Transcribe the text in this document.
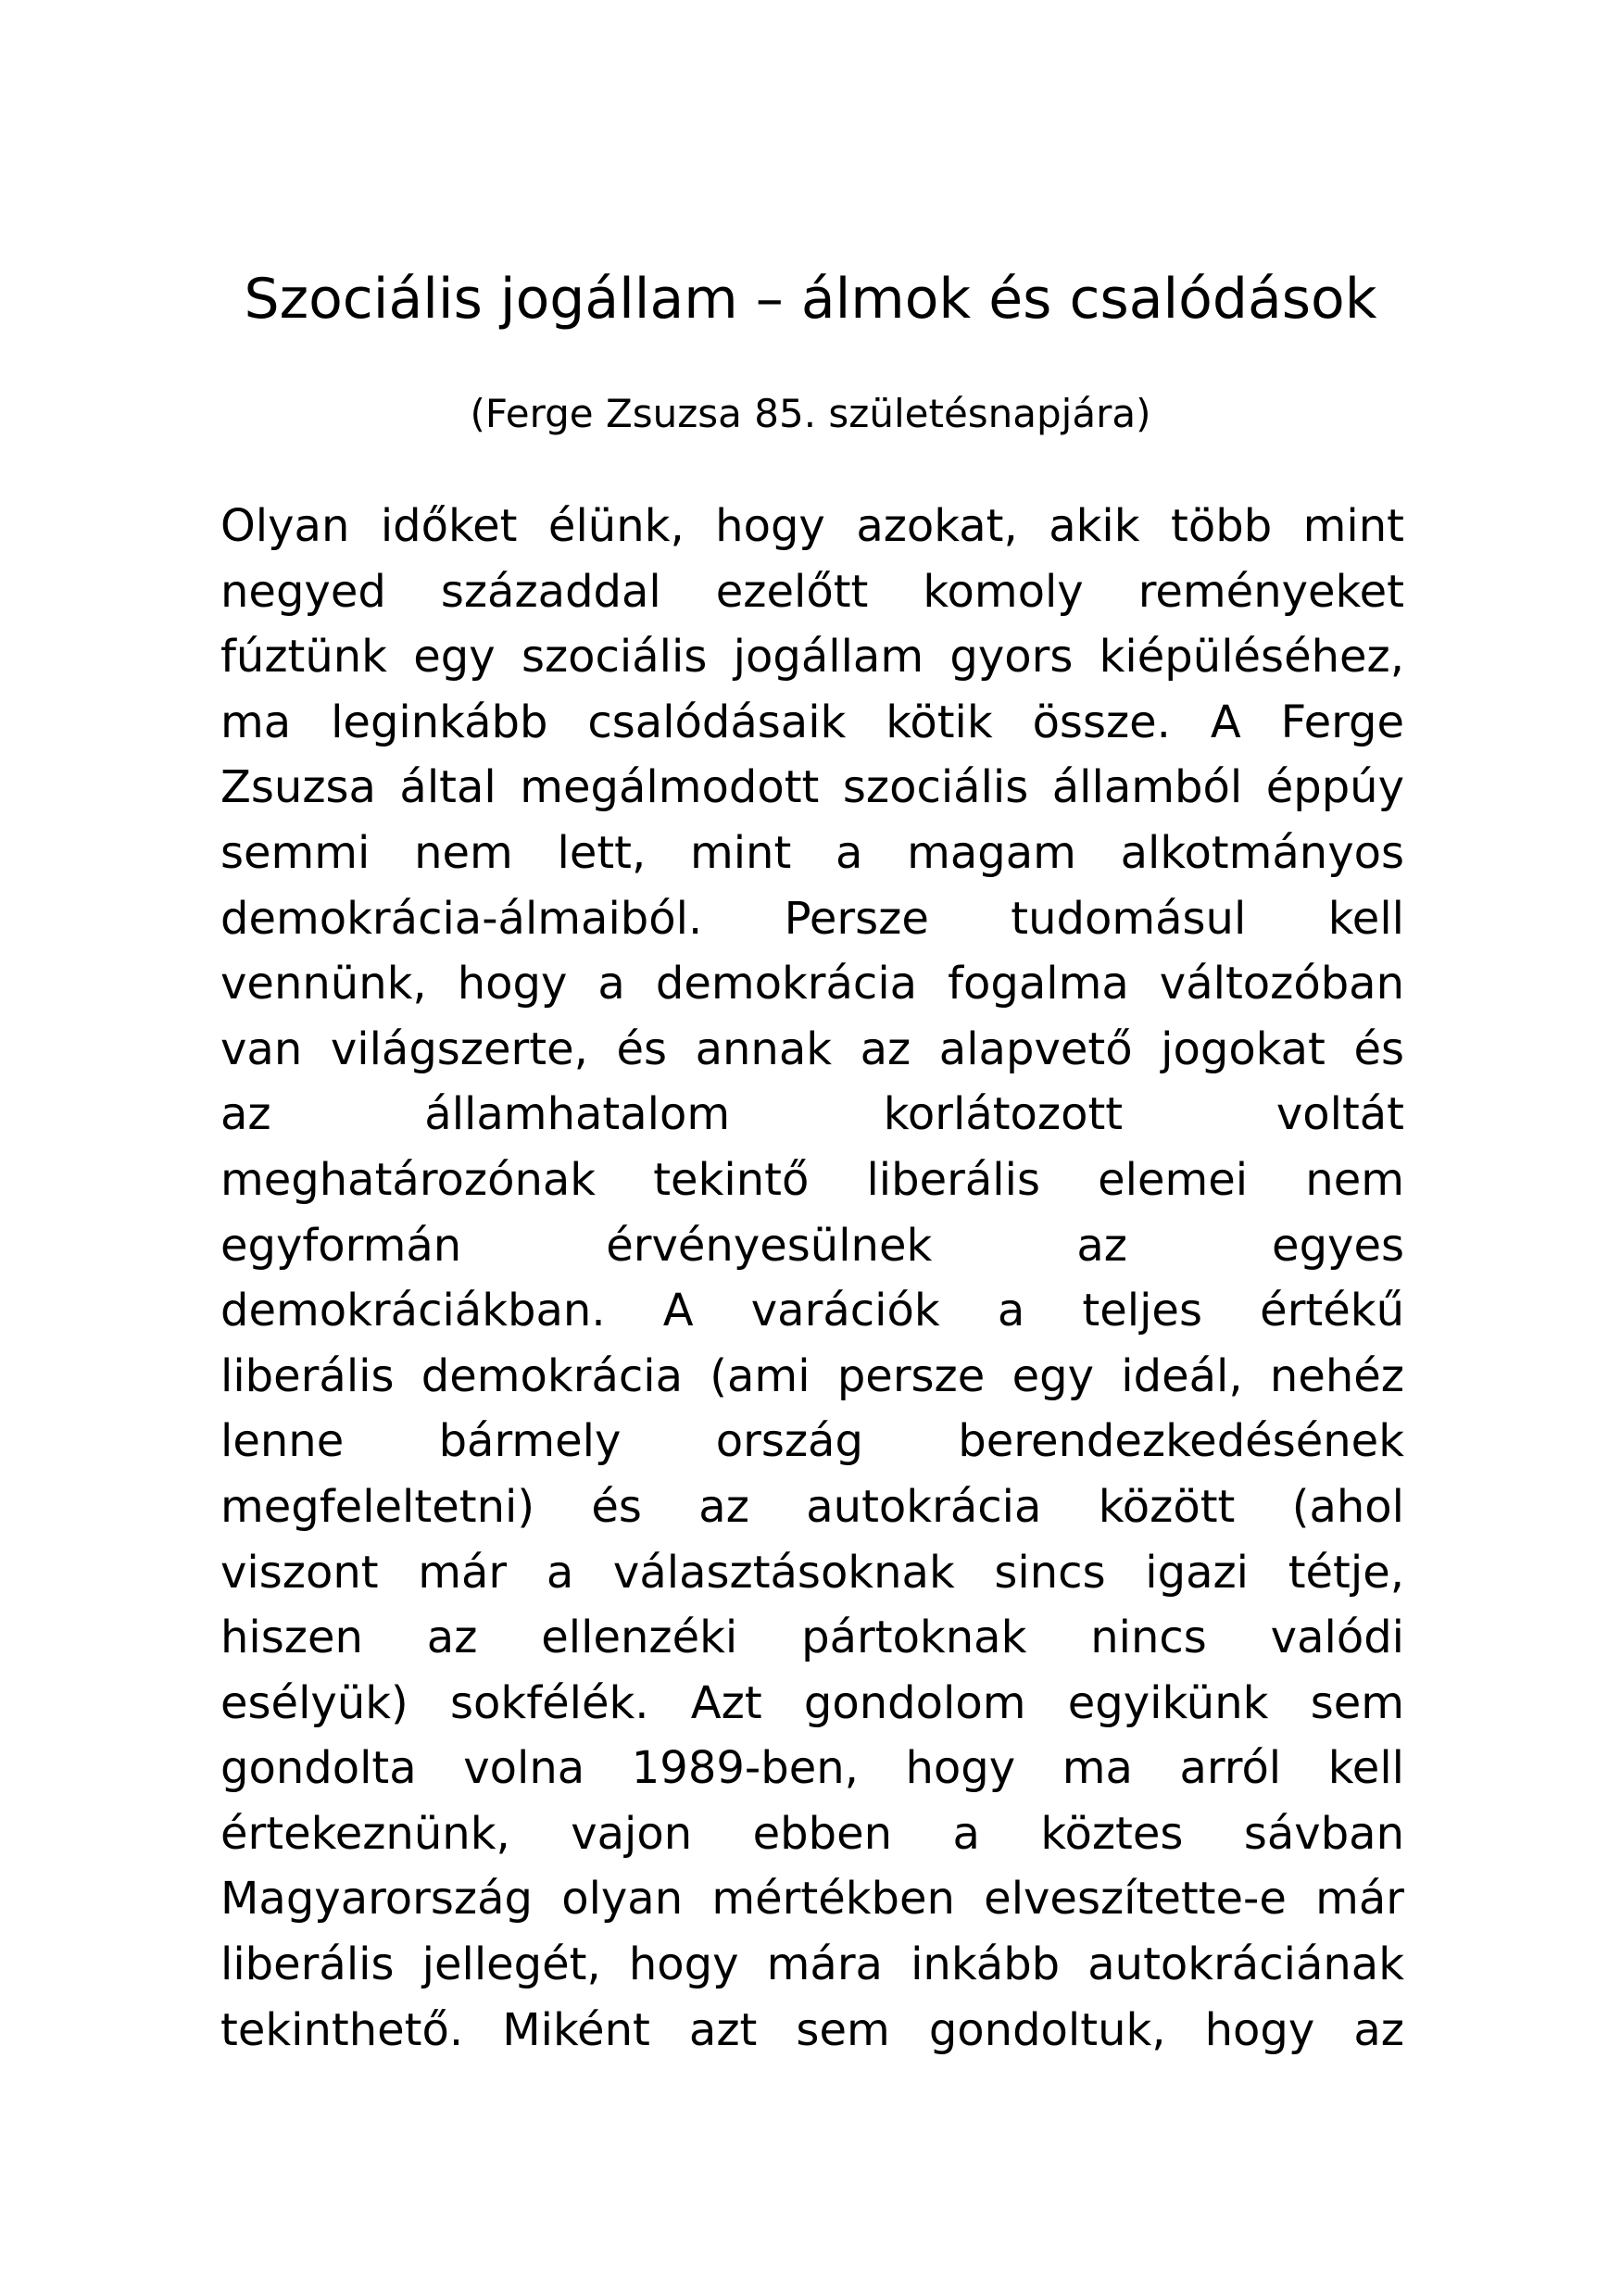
Szociális jogállam – álmok és csalódások

(Ferge Zsuzsa 85. születésnapjára)

Olyan időket élünk, hogy azokat, akik több mint
negyed századdal ezelőtt komoly reményeket
fúztünk egy szociális jogállam gyors kiépüléséhez,
ma leginkább csalódásaik kötik össze. A Ferge
Zsuzsa által megálmodott szociális államból éppúy
semmi nem lett, mint a magam alkotmányos
demokrácia-álmaiból. Persze tudomásul kell
vennünk, hogy a demokrácia fogalma változóban
van világszerte, és annak az alapvető jogokat és
az államhatalom korlátozott voltát
meghatározónak tekintő liberális elemei nem
egyformán érvényesülnek az egyes
demokráciákban. A varációk a teljes értékű
liberális demokrácia (ami persze egy ideál, nehéz
lenne bármely ország berendezkedésének
megfeleltetni) és az autokrácia között (ahol
viszont már a választásoknak sincs igazi tétje,
hiszen az ellenzéki pártoknak nincs valódi
esélyük) sokfélék. Azt gondolom egyikünk sem
gondolta volna 1989-ben, hogy ma arról kell
értekeznünk, vajon ebben a köztes sávban
Magyarország olyan mértékben elveszítette-e már
liberális jellegét, hogy mára inkább autokráciának
tekinthető. Miként azt sem gondoltuk, hogy az
